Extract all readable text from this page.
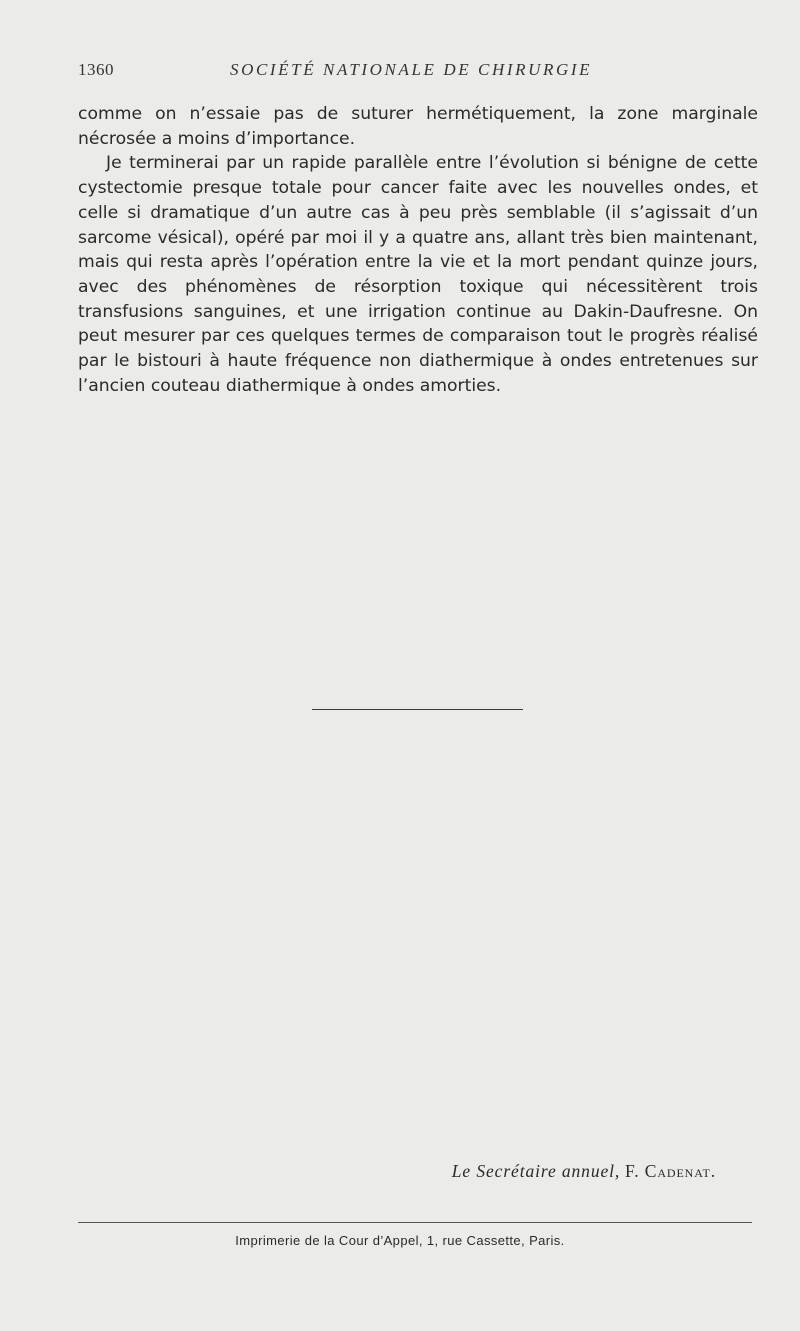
1360	SOCIÉTÉ NATIONALE DE CHIRURGIE

comme on n’essaie pas de suturer hermétiquement, la zone marginale nécrosée a moins d’importance.

Je terminerai par un rapide parallèle entre l’évolution si bénigne de cette cystectomie presque totale pour cancer faite avec les nouvelles ondes, et celle si dramatique d’un autre cas à peu près semblable (il s’agissait d’un sarcome vésical), opéré par moi il y a quatre ans, allant très bien maintenant, mais qui resta après l’opération entre la vie et la mort pendant quinze jours, avec des phénomènes de résorption toxique qui nécessitèrent trois transfusions sanguines, et une irrigation continue au Dakin-Daufresne. On peut mesurer par ces quelques termes de comparaison tout le progrès réalisé par le bistouri à haute fréquence non diathermique à ondes entretenues sur l’ancien couteau diathermique à ondes amorties.

Le Secrétaire annuel, F. Cadenat.
Imprimerie de la Cour d’Appel, 1, rue Cassette, Paris.
